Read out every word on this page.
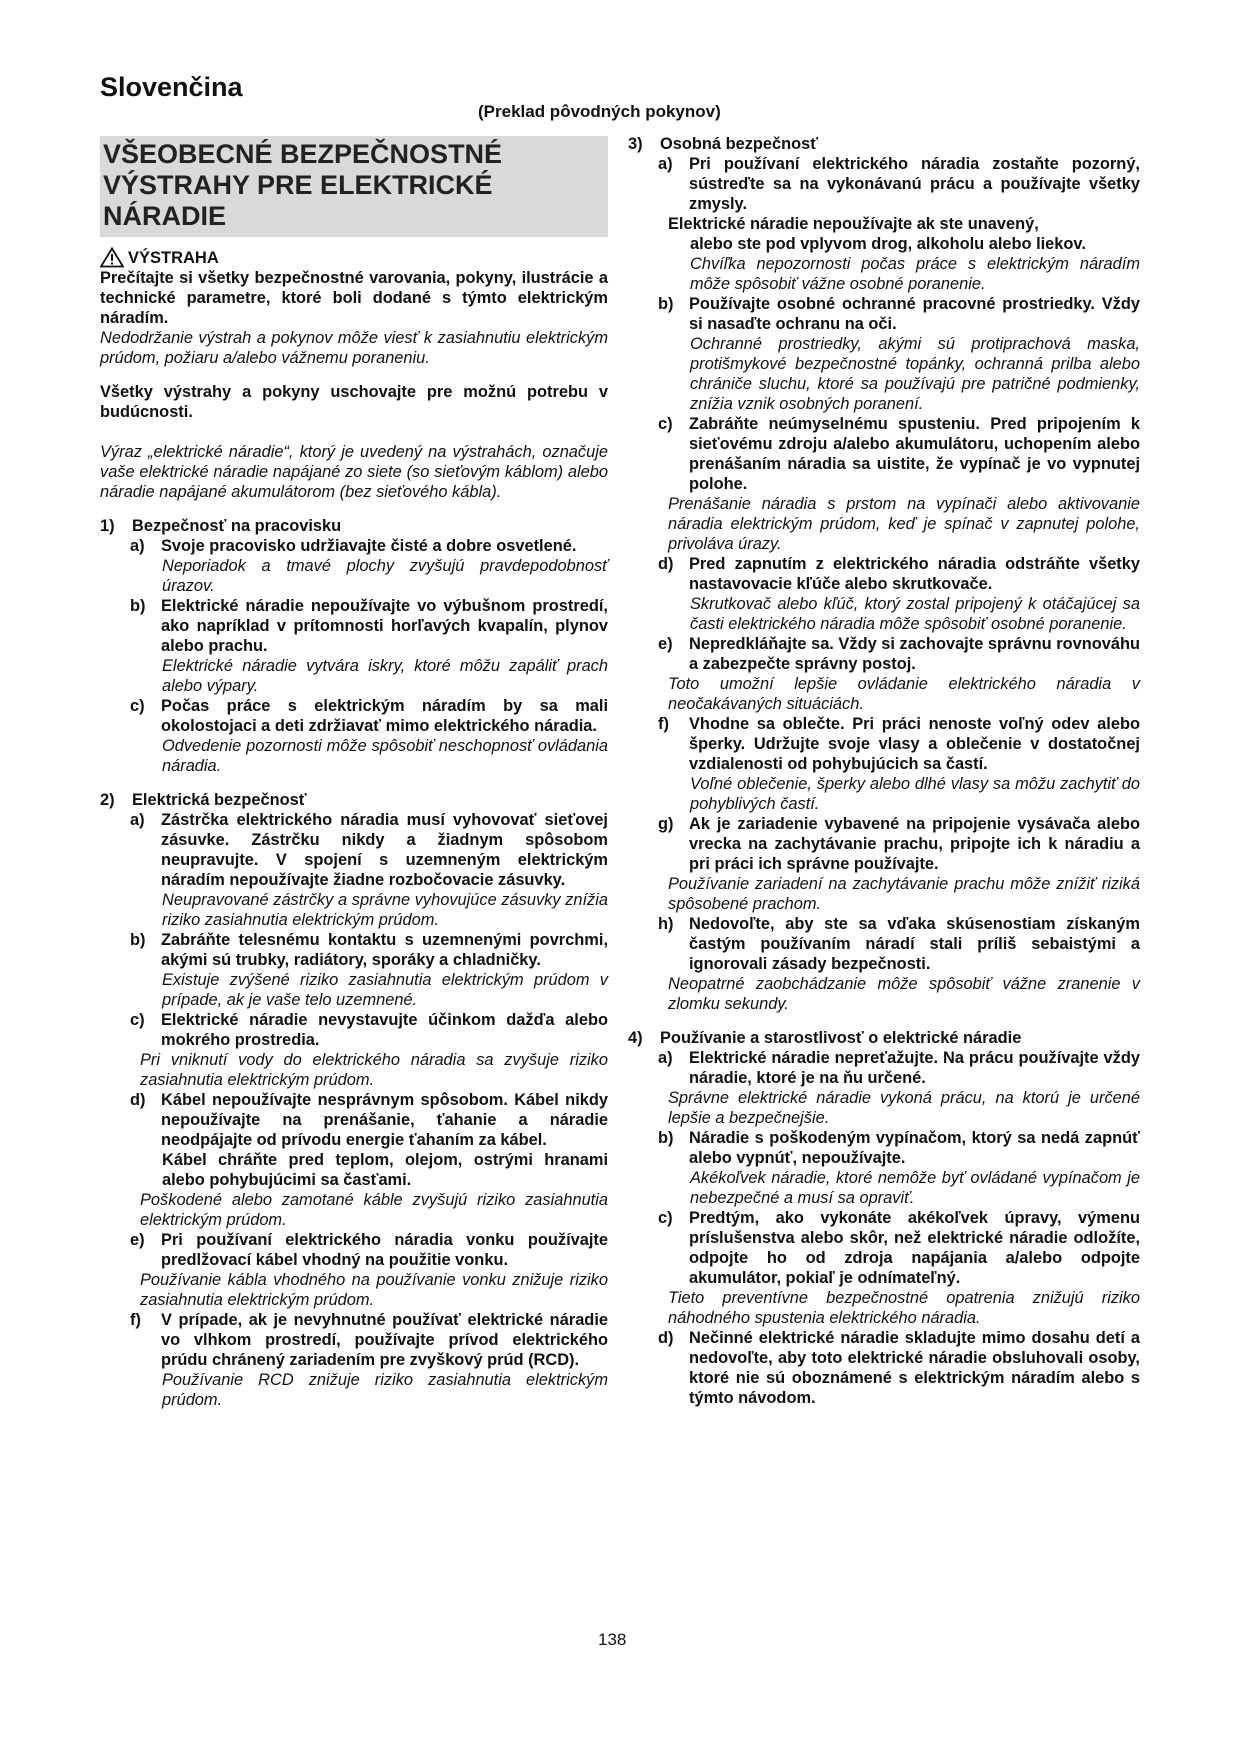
Slovenčina
(Preklad pôvodných pokynov)
VŠEOBECNÉ BEZPEČNOSTNÉ VÝSTRAHY PRE ELEKTRICKÉ NÁRADIE
VÝSTRAHA

Prečítajte si všetky bezpečnostné varovania, pokyny, ilustrácie a technické parametre, ktoré boli dodané s týmto elektrickým náradím.

Nedodržanie výstrah a pokynov môže viesť k zasiahnutiu elektrickým prúdom, požiaru a/alebo vážnemu poraneniu.

Všetky výstrahy a pokyny uschovajte pre možnú potrebu v budúcnosti.

Výraz „elektrické náradie“, ktorý je uvedený na výstrahách, označuje vaše elektrické náradie napájané zo siete (so sieťovým káblom) alebo náradie napájané akumulátorom (bez sieťového kábla).

1)	Bezpečnosť na pracovisku
a)	Svoje pracovisko udržiavajte čisté a dobre osvetlené.
Neporiadok a tmavé plochy zvyšujú pravdepodobnosť úrazov.
b) Elektrické náradie nepoužívajte vo výbušnom prostredí, ako napríklad v prítomnosti horľavých kvapalín, plynov alebo prachu.
Elektrické náradie vytvára iskry, ktoré môžu zapáliť prach alebo výpary.
c)	Počas práce s elektrickým náradím by sa mali okolostojaci a deti zdržiavať mimo elektrického náradia.
Odvedenie pozornosti môže spôsobiť neschopnosť ovládania náradia.
2)	Elektrická bezpečnosť
a)	Zástrčka elektrického náradia musí vyhovovať sieťovej zásuvke. Zástrčku nikdy a žiadnym spôsobom neupravujte. V spojení s uzemneným elektrickým náradím nepoužívajte žiadne rozbočovacie zásuvky.
Neupravované zástrčky a správne vyhovujúce zásuvky znížia riziko zasiahnutia elektrickým prúdom.
b) Zabráňte telesnému kontaktu s uzemnenými povrchmi, akými sú trubky, radiátory, sporáky a chladničky.
Existuje zvýšené riziko zasiahnutia elektrickým prúdom v prípade, ak je vaše telo uzemnené.
c)	Elektrické náradie nevystavujte účinkom dažďa alebo mokrého prostredia.
Pri vniknutí vody do elektrického náradia sa zvyšuje riziko zasiahnutia elektrickým prúdom.
d) Kábel nepoužívajte nesprávnym spôsobom. Kábel nikdy nepoužívajte na prenášanie, ťahanie a náradie neodpájajte od prívodu energie ťahaním za kábel.
Kábel chráňte pred teplom, olejom, ostrými hranami alebo pohybujúcimi sa časťami.
Poškodené alebo zamotané káble zvyšujú riziko zasiahnutia elektrickým prúdom.
e)	Pri používaní elektrického náradia vonku používajte predlžovací kábel vhodný na použitie vonku.
Používanie kábla vhodného na používanie vonku znižuje riziko zasiahnutia elektrickým prúdom.
f)	V prípade, ak je nevyhnutné používať elektrické náradie vo vlhkom prostredí, používajte prívod elektrického prúdu chránený zariadením pre zvyškový prúd (RCD).
Používanie RCD znižuje riziko zasiahnutia elektrickým prúdom.
3)	Osobná bezpečnosť
a)	Pri používaní elektrického náradia zostaňte pozorný, sústreďte sa na vykonávanú prácu a používajte všetky zmysly.
Elektrické náradie nepoužívajte ak ste unavený,
alebo ste pod vplyvom drog, alkoholu alebo liekov.
Chvíľka nepozornosti počas práce s elektrickým náradím môže spôsobiť vážne osobné poranenie.
b) Používajte osobné ochranné pracovné prostriedky. Vždy si nasaďte ochranu na oči.
Ochranné prostriedky, akými sú protiprachová maska, protišmykové bezpečnostné topánky, ochranná prilba alebo chrániče sluchu, ktoré sa používajú pre patričné podmienky, znížia vznik osobných poranení.
c)	Zabráňte neúmyselnému spusteniu. Pred pripojením k sieťovému zdroju a/alebo akumulátoru, uchopením alebo prenášaním náradia sa uistite, že vypínač je vo vypnutej polohe.
Prenášanie náradia s prstom na vypínači alebo aktivovanie náradia elektrickým prúdom, keď je spínač v zapnutej polohe, privoláva úrazy.
d) Pred zapnutím z elektrického náradia odstráňte všetky nastavovacie kľúče alebo skrutkovače.
Skrutkovač alebo kľúč, ktorý zostal pripojený k otáčajúcej sa časti elektrického náradia môže spôsobiť osobné poranenie.
e)	Nepredkláňajte sa. Vždy si zachovajte správnu rovnováhu a zabezpečte správny postoj.
Toto umožní lepšie ovládanie elektrického náradia v neočakávaných situáciách.
f)	Vhodne sa oblečte. Pri práci nenoste voľný odev alebo šperky. Udržujte svoje vlasy a oblečenie v dostatočnej vzdialenosti od pohybujúcich sa častí.
Voľné oblečenie, šperky alebo dlhé vlasy sa môžu zachytiť do pohyblivých častí.
g) Ak je zariadenie vybavené na pripojenie vysávača alebo vrecka na zachytávanie prachu, pripojte ich k náradiu a pri práci ich správne používajte.
Používanie zariadení na zachytávanie prachu môže znížiť riziká spôsobené prachom.
h) Nedovoľte, aby ste sa vďaka skúsenostiam získaným častým používaním náradí stali príliš sebaistými a ignorovali zásady bezpečnosti.
Neopatrné zaobchádzanie môže spôsobiť vážne zranenie v zlomku sekundy.
4)	Používanie a starostlivosť o elektrické náradie
a)	Elektrické náradie nepreťažujte. Na prácu používajte vždy náradie, ktoré je na ňu určené.
Správne elektrické náradie vykoná prácu, na ktorú je určené lepšie a bezpečnejšie.
b) Náradie s poškodeným vypínačom, ktorý sa nedá zapnúť alebo vypnúť, nepoužívajte.
Akékoľvek náradie, ktoré nemôže byť ovládané vypínačom je nebezpečné a musí sa opraviť.
c)	Predtým, ako vykonáte akékoľvek úpravy, výmenu príslušenstva alebo skôr, než elektrické náradie odložíte, odpojte ho od zdroja napájania a/alebo odpojte akumulátor, pokiaľ je odnímateľný.
Tieto preventívne bezpečnostné opatrenia znižujú riziko náhodného spustenia elektrického náradia.
d) Nečinné elektrické náradie skladujte mimo dosahu detí a nedovoľte, aby toto elektrické náradie obsluhovali osoby, ktoré nie sú oboznámené s elektrickým náradím alebo s týmto návodom.
138
